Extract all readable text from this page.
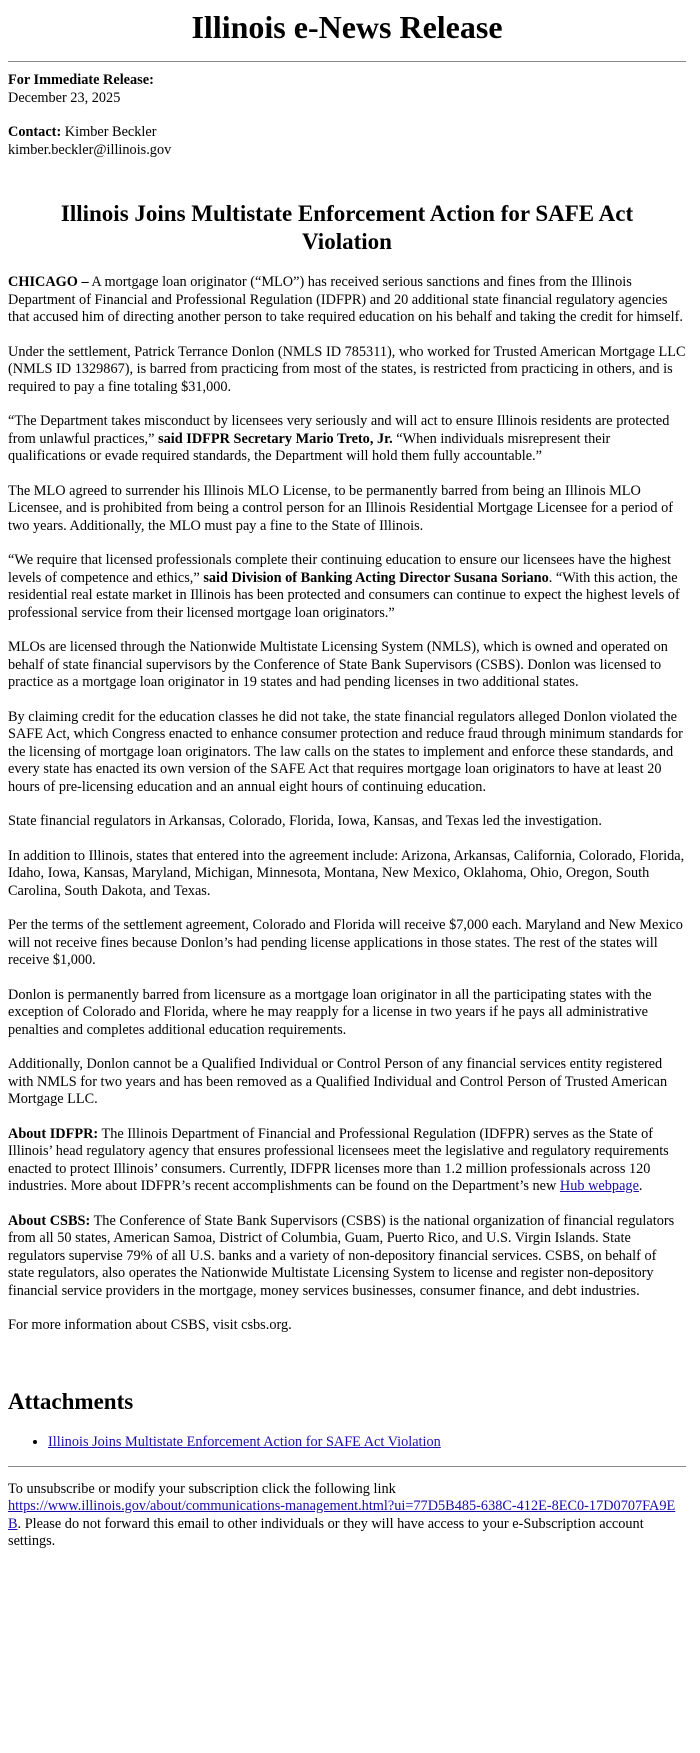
Illinois e-News Release

For Immediate Release:

December 23, 2025

Contact: Kimber Beckler

kimber.beckler@illinois.gov

Illinois Joins Multistate Enforcement Action for SAFE Act Violation

CHICAGO – A mortgage loan originator (“MLO”) has received serious sanctions and fines from the Illinois Department of Financial and Professional Regulation (IDFPR) and 20 additional state financial regulatory agencies that accused him of directing another person to take required education on his behalf and taking the credit for himself.

Under the settlement, Patrick Terrance Donlon (NMLS ID 785311), who worked for Trusted American Mortgage LLC (NMLS ID 1329867), is barred from practicing from most of the states, is restricted from practicing in others, and is required to pay a fine totaling $31,000.

“The Department takes misconduct by licensees very seriously and will act to ensure Illinois residents are protected from unlawful practices,” said IDFPR Secretary Mario Treto, Jr. “When individuals misrepresent their qualifications or evade required standards, the Department will hold them fully accountable.”

The MLO agreed to surrender his Illinois MLO License, to be permanently barred from being an Illinois MLO Licensee, and is prohibited from being a control person for an Illinois Residential Mortgage Licensee for a period of two years. Additionally, the MLO must pay a fine to the State of Illinois.

“We require that licensed professionals complete their continuing education to ensure our licensees have the highest levels of competence and ethics,” said Division of Banking Acting Director Susana Soriano. “With this action, the residential real estate market in Illinois has been protected and consumers can continue to expect the highest levels of professional service from their licensed mortgage loan originators.”

MLOs are licensed through the Nationwide Multistate Licensing System (NMLS), which is owned and operated on behalf of state financial supervisors by the Conference of State Bank Supervisors (CSBS). Donlon was licensed to practice as a mortgage loan originator in 19 states and had pending licenses in two additional states.

By claiming credit for the education classes he did not take, the state financial regulators alleged Donlon violated the SAFE Act, which Congress enacted to enhance consumer protection and reduce fraud through minimum standards for the licensing of mortgage loan originators. The law calls on the states to implement and enforce these standards, and every state has enacted its own version of the SAFE Act that requires mortgage loan originators to have at least 20 hours of pre-licensing education and an annual eight hours of continuing education.

State financial regulators in Arkansas, Colorado, Florida, Iowa, Kansas, and Texas led the investigation.

In addition to Illinois, states that entered into the agreement include: Arizona, Arkansas, California, Colorado, Florida, Idaho, Iowa, Kansas, Maryland, Michigan, Minnesota, Montana, New Mexico, Oklahoma, Ohio, Oregon, South Carolina, South Dakota, and Texas.

Per the terms of the settlement agreement, Colorado and Florida will receive $7,000 each. Maryland and New Mexico will not receive fines because Donlon’s had pending license applications in those states. The rest of the states will receive $1,000.

Donlon is permanently barred from licensure as a mortgage loan originator in all the participating states with the exception of Colorado and Florida, where he may reapply for a license in two years if he pays all administrative penalties and completes additional education requirements.

Additionally, Donlon cannot be a Qualified Individual or Control Person of any financial services entity registered with NMLS for two years and has been removed as a Qualified Individual and Control Person of Trusted American Mortgage LLC.

About IDFPR: The Illinois Department of Financial and Professional Regulation (IDFPR) serves as the State of Illinois’ head regulatory agency that ensures professional licensees meet the legislative and regulatory requirements enacted to protect Illinois’ consumers. Currently, IDFPR licenses more than 1.2 million professionals across 120 industries. More about IDFPR’s recent accomplishments can be found on the Department’s new Hub webpage.

About CSBS: The Conference of State Bank Supervisors (CSBS) is the national organization of financial regulators from all 50 states, American Samoa, District of Columbia, Guam, Puerto Rico, and U.S. Virgin Islands. State regulators supervise 79% of all U.S. banks and a variety of non-depository financial services. CSBS, on behalf of state regulators, also operates the Nationwide Multistate Licensing System to license and register non-depository financial service providers in the mortgage, money services businesses, consumer finance, and debt industries.

For more information about CSBS, visit csbs.org.

Attachments
• Illinois Joins Multistate Enforcement Action for SAFE Act Violation

To unsubscribe or modify your subscription click the following link
https://www.illinois.gov/about/communications-management.html?ui=77D5B485-638C-412E-8EC0-17D0707FA9EB. Please do not forward this email to other individuals or they will have access to your e-Subscription account settings.
